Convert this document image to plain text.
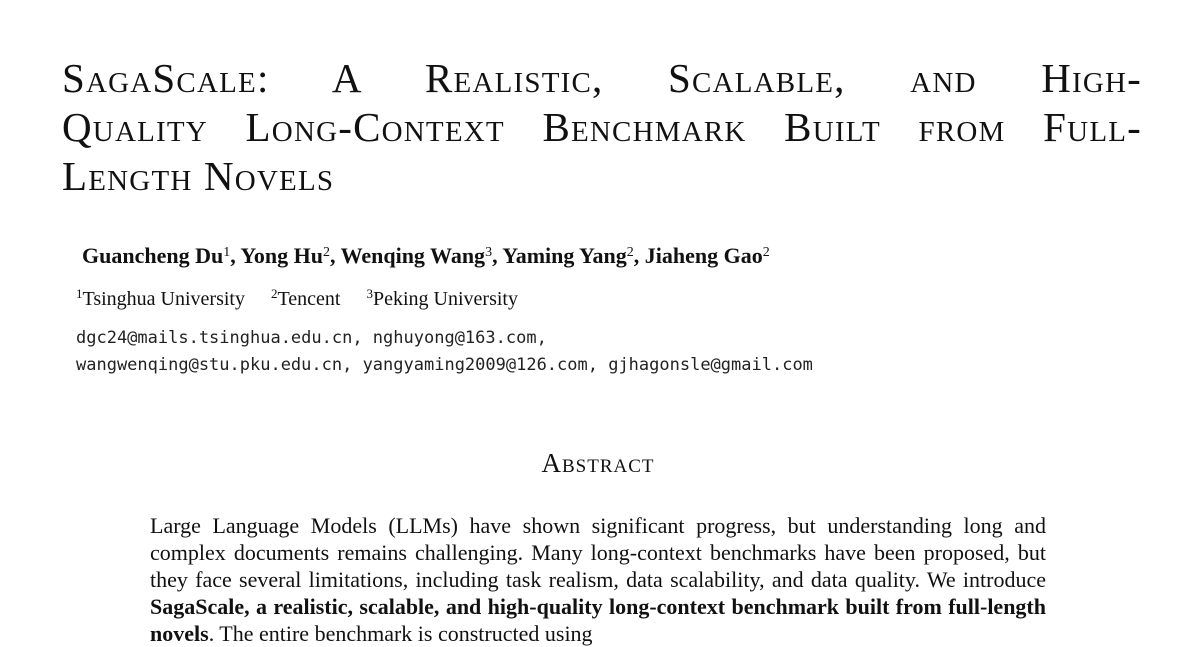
SagaScale: A Realistic, Scalable, and High-
Quality Long-Context Benchmark Built from Full-
Length Novels
Guancheng Du$^1$, Yong Hu$^2$, Wenqing Wang$^3$, Yaming Yang$^2$, Jiaheng Gao$^2$
$^1$Tsinghua University $^2$Tencent $^3$Peking University
dgc24@mails.tsinghua.edu.cn, nghuyong@163.com,
wangwenqing@stu.pku.edu.cn, yangyaming2009@126.com, gjhagonsle@gmail.com
Abstract
Large Language Models (LLMs) have shown significant progress, but understanding long and complex documents remains challenging. Many long-context benchmarks have been proposed, but they face several limitations, including task realism, data scalability, and data quality. We introduce SagaScale, a realistic, scalable, and high-quality long-context benchmark built from full-length novels. The entire benchmark is constructed using
